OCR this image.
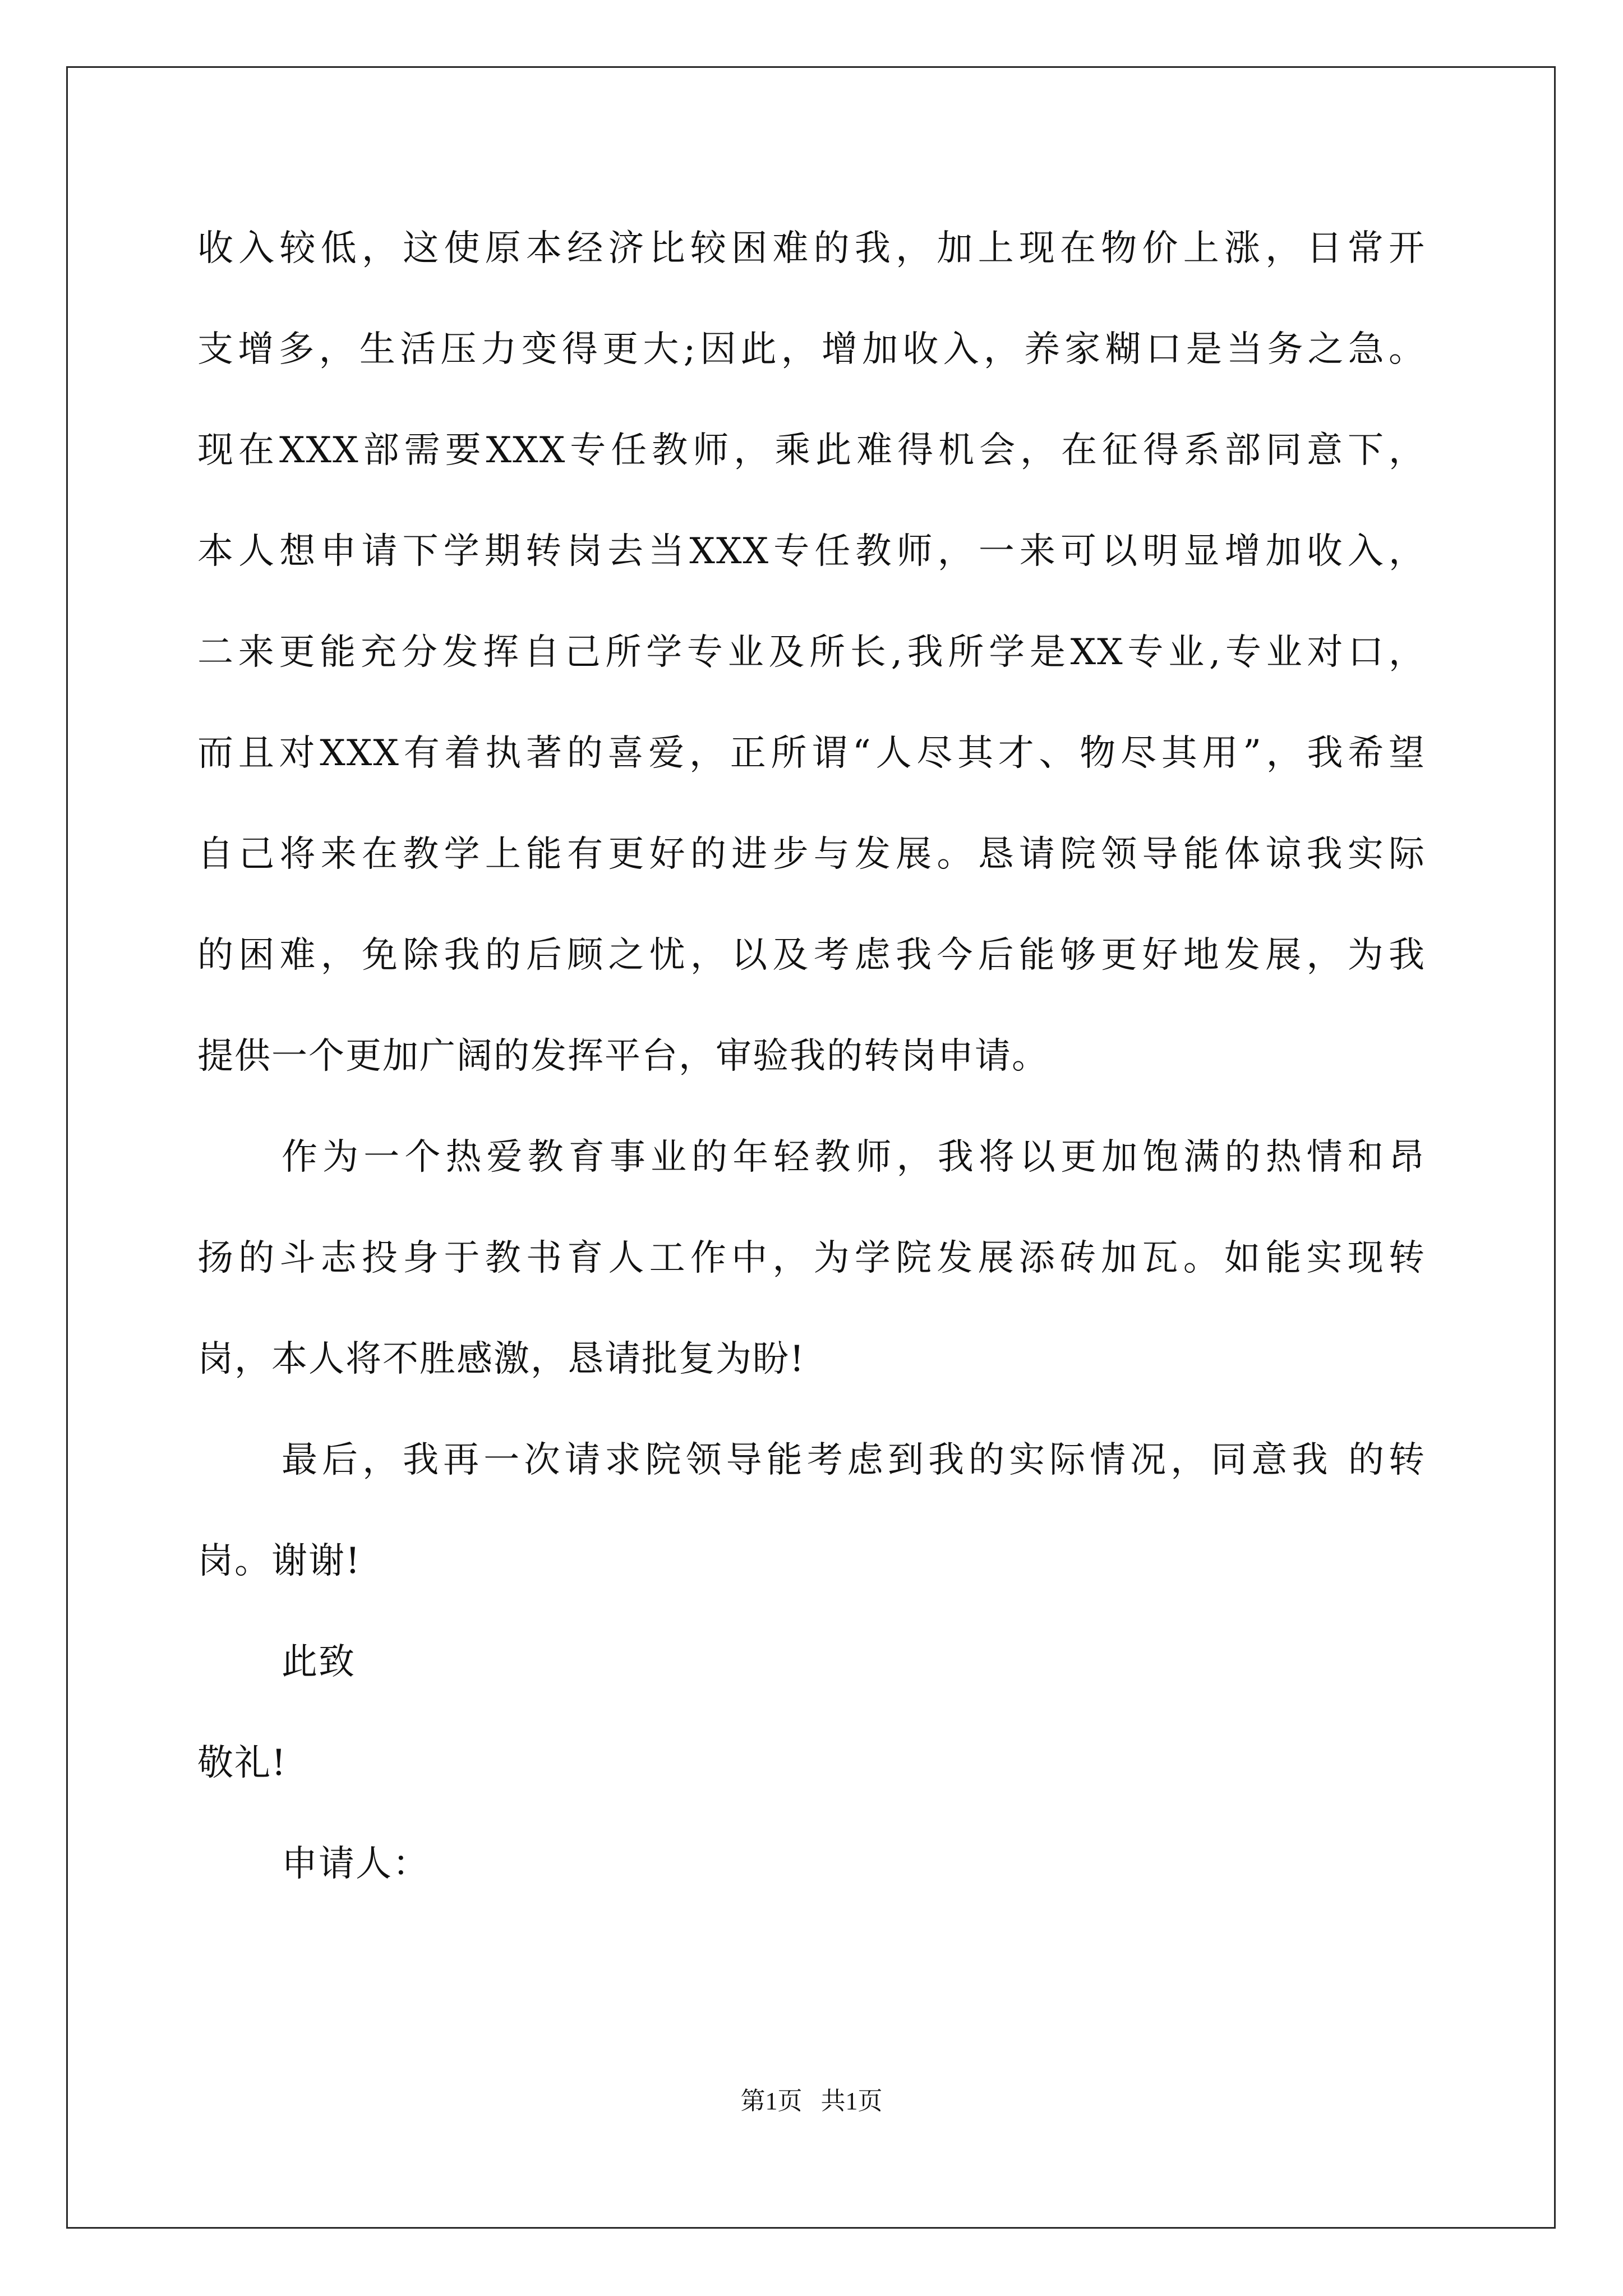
收入较低，这使原本经济比较困难的我，加上现在物价上涨，日常开
支增多，生活压力变得更大;因此，增加收入，养家糊口是当务之急。
现在XXX部需要XXX专任教师，乘此难得机会，在征得系部同意下，
本人想申请下学期转岗去当XXX专任教师，一来可以明显增加收入，
二来更能充分发挥自己所学专业及所长,我所学是XX专业,专业对口，
而且对XXX有着执著的喜爱，正所谓“人尽其才、物尽其用”，我希望
自己将来在教学上能有更好的进步与发展。恳请院领导能体谅我实际
的困难，免除我的后顾之忧，以及考虑我今后能够更好地发展，为我
提供一个更加广阔的发挥平台，审验我的转岗申请。
作为一个热爱教育事业的年轻教师，我将以更加饱满的热情和昂
扬的斗志投身于教书育人工作中，为学院发展添砖加瓦。如能实现转
岗，本人将不胜感激，恳请批复为盼!
最后，我再一次请求院领导能考虑到我的实际情况，同意我 的转
岗。谢谢!
此致
敬礼!
申请人：
第1页   共1页
